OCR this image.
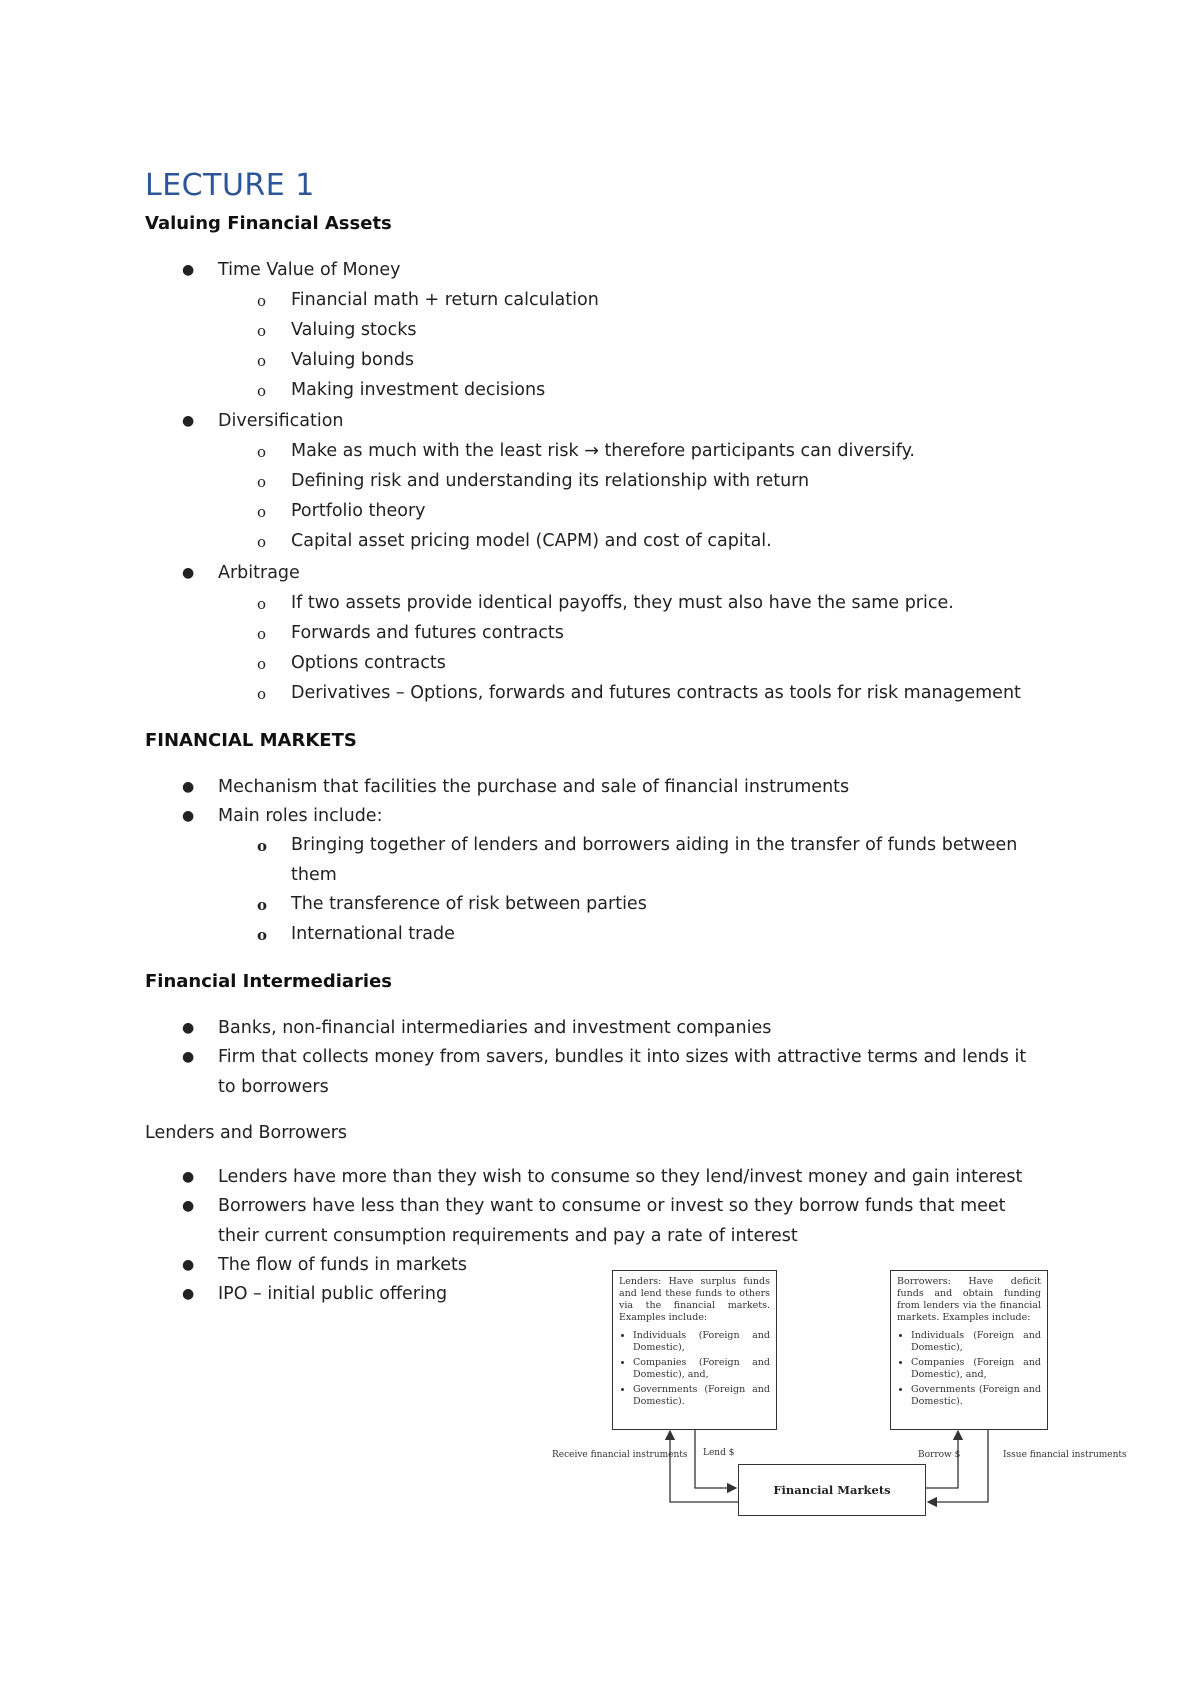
LECTURE 1
Valuing Financial Assets
● Time Value of Money
o Financial math + return calculation
o Valuing stocks
o Valuing bonds
o Making investment decisions
● Diversification
o Make as much with the least risk → therefore participants can diversify.
o Defining risk and understanding its relationship with return
o Portfolio theory
o Capital asset pricing model (CAPM) and cost of capital.
● Arbitrage
o If two assets provide identical payoffs, they must also have the same price.
o Forwards and futures contracts
o Options contracts
o Derivatives – Options, forwards and futures contracts as tools for risk management
FINANCIAL MARKETS
● Mechanism that facilities the purchase and sale of financial instruments
● Main roles include:
o Bringing together of lenders and borrowers aiding in the transfer of funds between them
o The transference of risk between parties
o International trade
Financial Intermediaries
● Banks, non-financial intermediaries and investment companies
● Firm that collects money from savers, bundles it into sizes with attractive terms and lends it to borrowers
Lenders and Borrowers
● Lenders have more than they wish to consume so they lend/invest money and gain interest
● Borrowers have less than they want to consume or invest so they borrow funds that meet their current consumption requirements and pay a rate of interest
● The flow of funds in markets
● IPO – initial public offering
Lenders: Have surplus funds and lend these funds to others via the financial markets. Examples include:
• Individuals (Foreign and Domestic),
• Companies (Foreign and Domestic), and,
• Governments (Foreign and Domestic).
Borrowers: Have deficit funds and obtain funding from lenders via the financial markets. Examples include:
• Individuals (Foreign and Domestic),
• Companies (Foreign and Domestic), and,
• Governments (Foreign and Domestic).
Financial Markets
Receive financial instruments Lend $	Borrow $	Issue financial instruments
